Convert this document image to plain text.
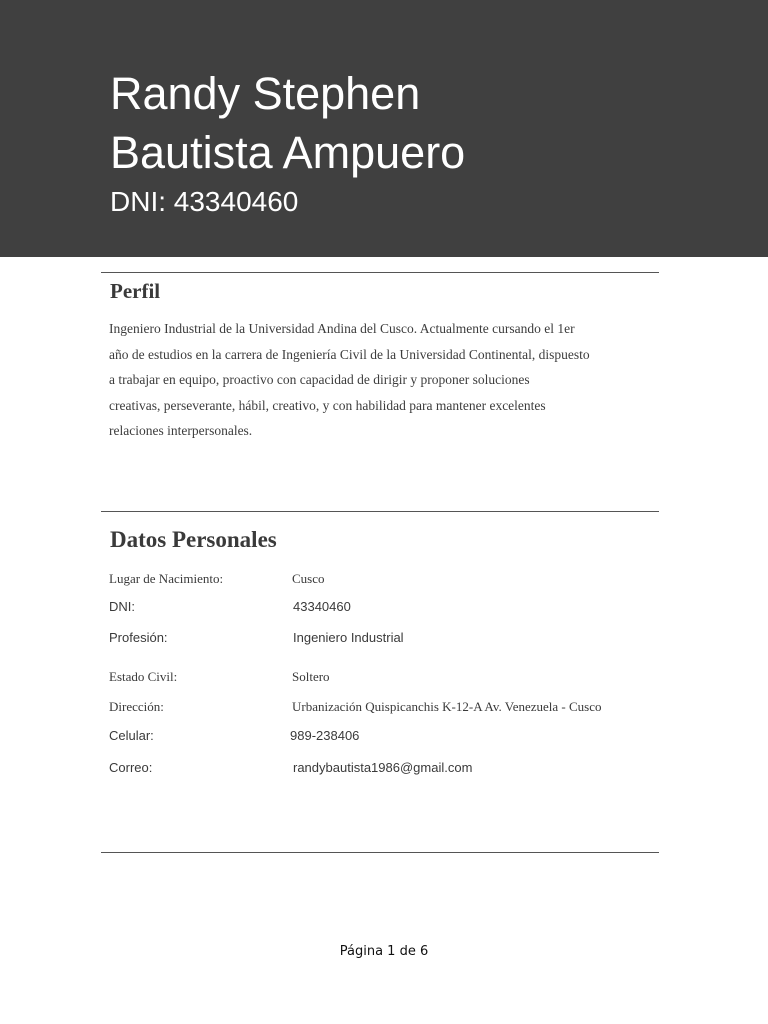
Randy Stephen
Bautista Ampuero
DNI: 43340460
Perfil
Ingeniero Industrial de la Universidad Andina del Cusco. Actualmente cursando el 1er
año de estudios en la carrera de Ingeniería Civil de la Universidad Continental, dispuesto
a trabajar en equipo, proactivo con capacidad de dirigir y proponer soluciones
creativas, perseverante, hábil, creativo, y con habilidad para mantener excelentes
relaciones interpersonales.
Datos Personales
Lugar de Nacimiento:	Cusco
DNI:	43340460
Profesión:	Ingeniero Industrial
Estado Civil:	Soltero
Dirección:	Urbanización Quispicanchis K-12-A Av. Venezuela - Cusco
Celular:	989-238406
Correo:	randybautista1986@gmail.com
Página 1 de 6
